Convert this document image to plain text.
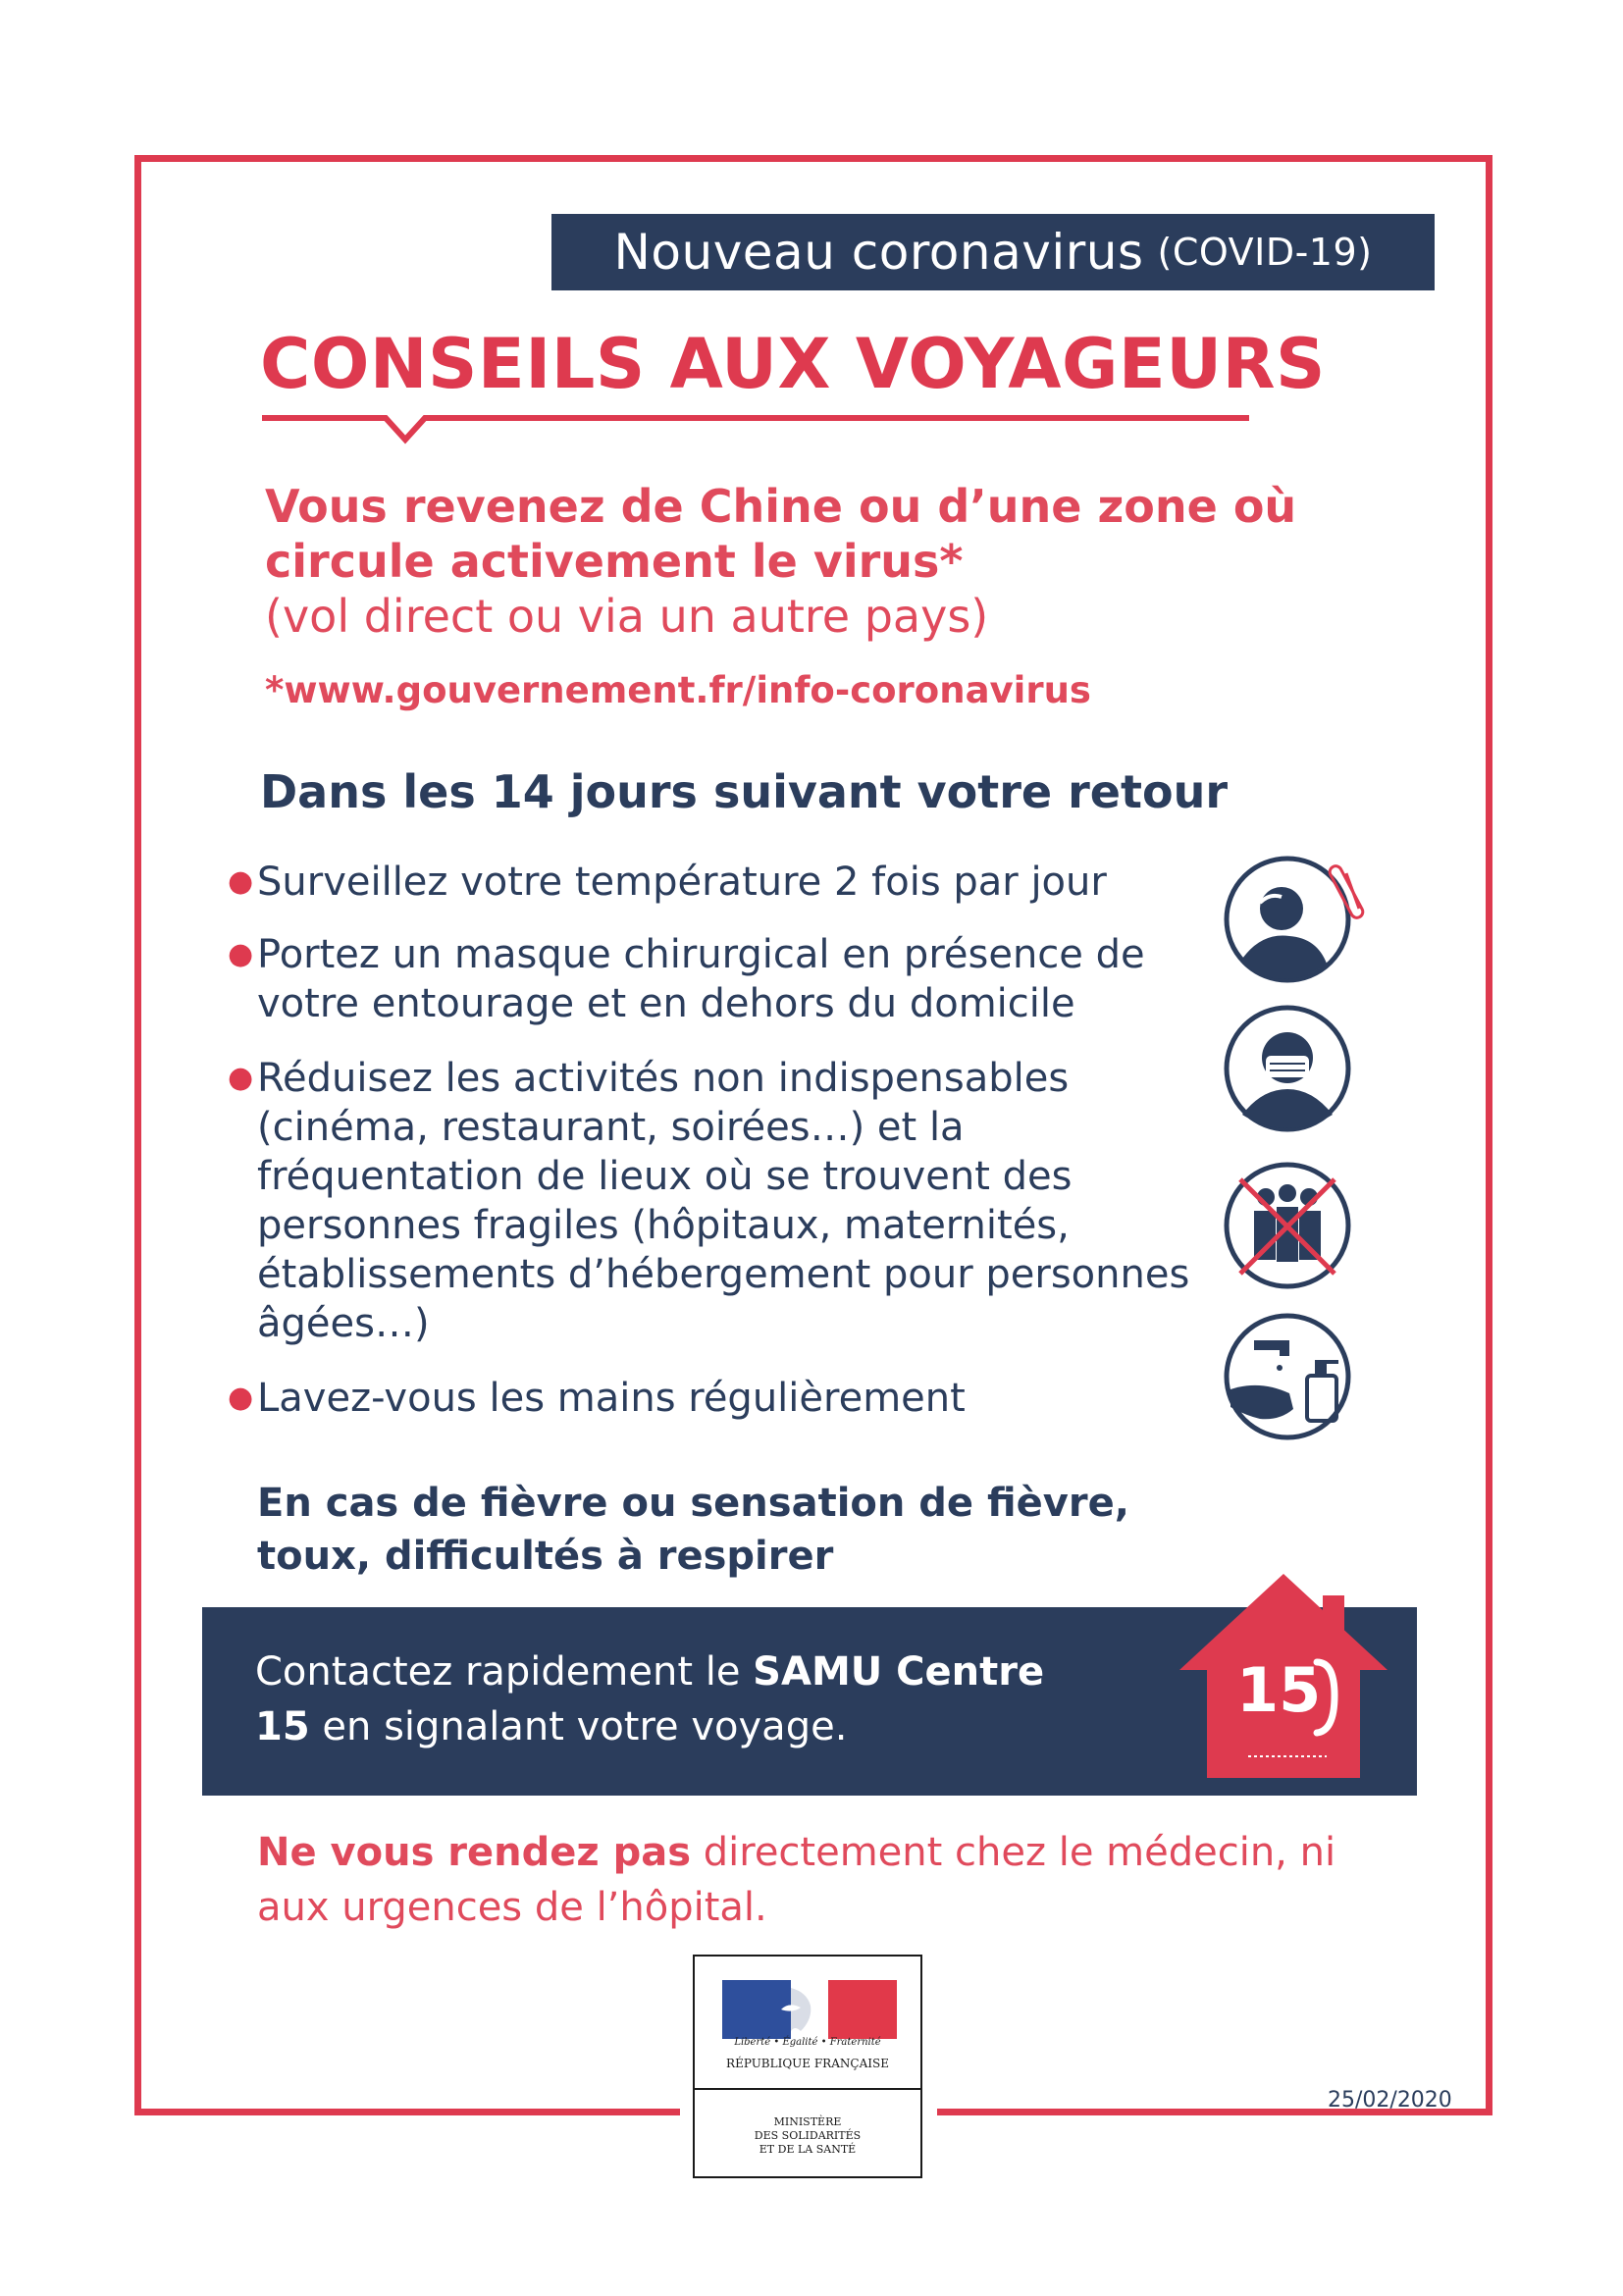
Nouveau coronavirus (COVID-19)
CONSEILS AUX VOYAGEURS
Vous revenez de Chine ou d’une zone où
circule activement le virus*
(vol direct ou via un autre pays)
*www.gouvernement.fr/info-coronavirus
Dans les 14 jours suivant votre retour
● Surveillez votre température 2 fois par jour
● Portez un masque chirurgical en présence de votre entourage et en dehors du domicile
● Réduisez les activités non indispensables (cinéma, restaurant, soirées…) et la fréquentation de lieux où se trouvent des personnes fragiles (hôpitaux, maternités, établissements d’hébergement pour personnes âgées…)
● Lavez-vous les mains régulièrement
En cas de fièvre ou sensation de fièvre, toux, difficultés à respirer
Contactez rapidement le SAMU Centre 15 en signalant votre voyage.
15
Ne vous rendez pas directement chez le médecin, ni aux urgences de l’hôpital.
Liberté • Égalité • Fraternité
RÉPUBLIQUE FRANÇAISE
MINISTÈRE
DES SOLIDARITÉS
ET DE LA SANTÉ
25/02/2020
